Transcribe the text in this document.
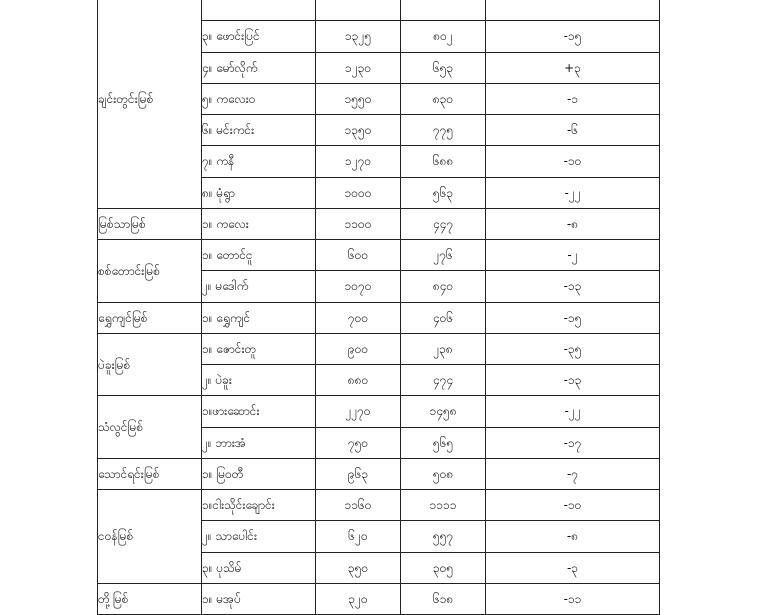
ချင်းတွင်းမြစ်				
	၃။ ဖောင်းပြင်	၁၃၂၅	၈၀၂	-၁၅
	၄။ မော်လိုက်	၁၂၃၀	၆၅၃	+၃
	၅။ ကလေးဝ	၁၅၅၀	၈၃၀	-၁
	၆။ မင်းကင်း	၁၃၅၀	၇၇၅	-၆
	၇။ ကနီ	၁၂၇၀	၆၈၈	-၁၀
	၈။ မုံရွာ	၁၀၀၀	၅၆၃	-၂၂
မြစ်သာမြစ်	၁။ ကလေး	၁၁၀၀	၄၄၇	-၈
စစ်တောင်းမြစ်	၁။ တောင်ငူ	၆၀၀	၂၇၆	-၂
	၂။ မဒေါက်	၁၀၇၀	၈၄၀	-၁၃
ရွှေကျင်မြစ်	၁။ ရွှေကျင်	၇၀၀	၄၀၆	-၁၅
ပဲခူးမြစ်	၁။ ဇောင်းတူ	၉၀၀	၂၃၈	-၃၅
	၂။ ပဲခူး	၈၈၀	၄၇၄	-၁၃
သံလွင်မြစ်	၁။ဖားဆောင်း	၂၂၇၀	၁၄၅၈	-၂၂
	၂။ ဘားအံ	၇၅၀	၅၆၅	-၁၇
သောင်ရင်းမြစ်	၁။ မြဝတီ	၉၆၃	၅၀၈	-၇
ငဝန်မြစ်	၁။ငါးသိုင်းချောင်း	၁၁၆၀	၁၁၁၁	-၁၀
	၂။ သာပေါင်း	၆၂၀	၅၅၇	-၈
	၃။ ပုသိမ်	၃၅၀	၃၀၅	-၃
တို့မြစ်	၁။ မအုပ်	၃၂၀	၆၁၈	-၁၁
